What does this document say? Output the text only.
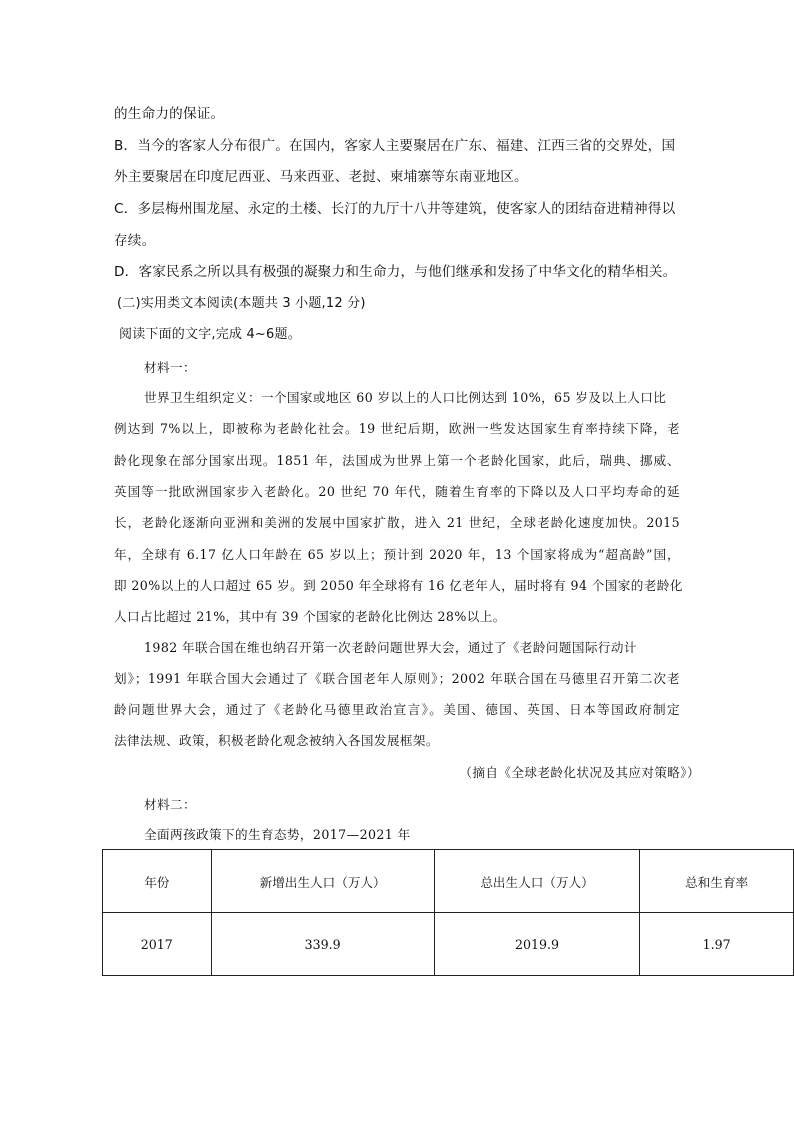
的生命力的保证。
B．当今的客家人分布很广。在国内，客家人主要聚居在广东、福建、江西三省的交界处，国
外主要聚居在印度尼西亚、马来西亚、老挝、柬埔寨等东南亚地区。
C．多层梅州围龙屋、永定的土楼、长汀的九厅十八井等建筑，使客家人的团结奋进精神得以
存续。
D．客家民系之所以具有极强的凝聚力和生命力，与他们继承和发扬了中华文化的精华相关。
(二)实用类文本阅读(本题共 3 小题,12 分)
阅读下面的文字,完成 4~6题。
材料一：
世界卫生组织定义：一个国家或地区 60 岁以上的人口比例达到 10%，65 岁及以上人口比
例达到 7%以上，即被称为老龄化社会。19 世纪后期，欧洲一些发达国家生育率持续下降，老
龄化现象在部分国家出现。1851 年，法国成为世界上第一个老龄化国家，此后，瑞典、挪威、
英国等一批欧洲国家步入老龄化。20 世纪 70 年代，随着生育率的下降以及人口平均寿命的延
长，老龄化逐渐向亚洲和美洲的发展中国家扩散，进入 21 世纪，全球老龄化速度加快。2015
年，全球有 6.17 亿人口年龄在 65 岁以上；预计到 2020 年，13 个国家将成为“超高龄”国，
即 20%以上的人口超过 65 岁。到 2050 年全球将有 16 亿老年人，届时将有 94 个国家的老龄化
人口占比超过 21%，其中有 39 个国家的老龄化比例达 28%以上。
1982 年联合国在维也纳召开第一次老龄问题世界大会，通过了《老龄问题国际行动计
划》；1991 年联合国大会通过了《联合国老年人原则》；2002 年联合国在马德里召开第二次老
龄问题世界大会，通过了《老龄化马德里政治宣言》。美国、德国、英国、日本等国政府制定
法律法规、政策，积极老龄化观念被纳入各国发展框架。
（摘自《全球老龄化状况及其应对策略》）
材料二：
全面两孩政策下的生育态势，2017—2021 年
年份	新增出生人口（万人）	总出生人口（万人）	总和生育率
2017	339.9	2019.9	1.97
